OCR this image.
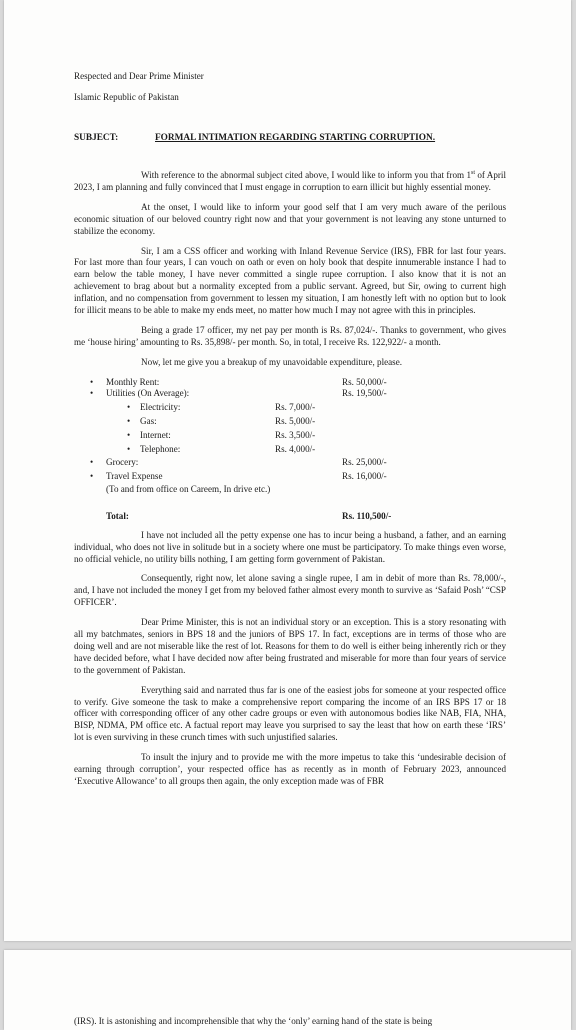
Respected and Dear Prime Minister
Islamic Republic of Pakistan
SUBJECT:	FORMAL INTIMATION REGARDING STARTING CORRUPTION.

With reference to the abnormal subject cited above, I would like to inform you that from 1st of April 2023, I am planning and fully convinced that I must engage in corruption to earn illicit but highly essential money.

At the onset, I would like to inform your good self that I am very much aware of the perilous economic situation of our beloved country right now and that your government is not leaving any stone unturned to stabilize the economy.

Sir, I am a CSS officer and working with Inland Revenue Service (IRS), FBR for last four years. For last more than four years, I can vouch on oath or even on holy book that despite innumerable instance I had to earn below the table money, I have never committed a single rupee corruption. I also know that it is not an achievement to brag about but a normality excepted from a public servant. Agreed, but Sir, owing to current high inflation, and no compensation from government to lessen my situation, I am honestly left with no option but to look for illicit means to be able to make my ends meet, no matter how much I may not agree with this in principles.

Being a grade 17 officer, my net pay per month is Rs. 87,024/-. Thanks to government, who gives me ‘house hiring’ amounting to Rs. 35,898/- per month. So, in total, I receive Rs. 122,922/- a month.

Now, let me give you a breakup of my unavoidable expenditure, please.
• Monthly Rent:	Rs. 50,000/-
• Utilities (On Average):	Rs. 19,500/-
• Electricity:	Rs. 7,000/-
• Gas:	Rs. 5,000/-
• Internet:	Rs. 3,500/-
• Telephone:	Rs. 4,000/-
• Grocery:	Rs. 25,000/-
• Travel Expense	Rs. 16,000/-
(To and from office on Careem, In drive etc.)
Total:	Rs. 110,500/-

I have not included all the petty expense one has to incur being a husband, a father, and an earning individual, who does not live in solitude but in a society where one must be participatory. To make things even worse, no official vehicle, no utility bills nothing, I am getting form government of Pakistan.

Consequently, right now, let alone saving a single rupee, I am in debit of more than Rs. 78,000/-, and, I have not included the money I get from my beloved father almost every month to survive as ‘Safaid Posh’ “CSP OFFICER’.

Dear Prime Minister, this is not an individual story or an exception. This is a story resonating with all my batchmates, seniors in BPS 18 and the juniors of BPS 17. In fact, exceptions are in terms of those who are doing well and are not miserable like the rest of lot. Reasons for them to do well is either being inherently rich or they have decided before, what I have decided now after being frustrated and miserable for more than four years of service to the government of Pakistan.

Everything said and narrated thus far is one of the easiest jobs for someone at your respected office to verify. Give someone the task to make a comprehensive report comparing the income of an IRS BPS 17 or 18 officer with corresponding officer of any other cadre groups or even with autonomous bodies like NAB, FIA, NHA, BISP, NDMA, PM office etc. A factual report may leave you surprised to say the least that how on earth these ‘IRS’ lot is even surviving in these crunch times with such unjustified salaries.

To insult the injury and to provide me with the more impetus to take this ‘undesirable decision of earning through corruption’, your respected office has as recently as in month of February 2023, announced ‘Executive Allowance’ to all groups then again, the only exception made was of FBR

(IRS). It is astonishing and incomprehensible that why the ‘only’ earning hand of the state is being
